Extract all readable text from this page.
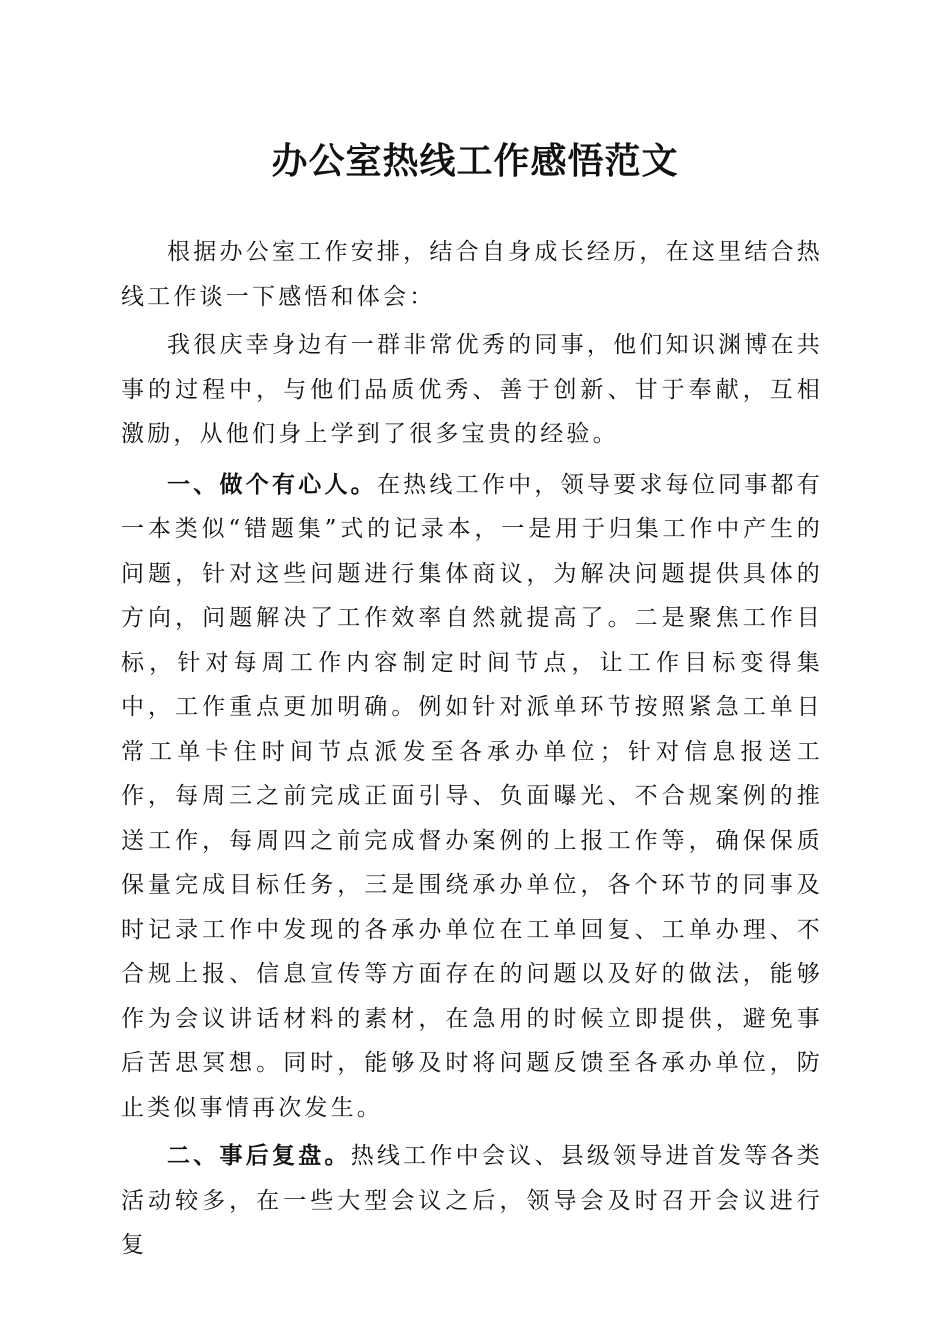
办公室热线工作感悟范文

根据办公室工作安排，结合自身成长经历，在这里结合热线工作谈一下感悟和体会：

我很庆幸身边有一群非常优秀的同事，他们知识渊博在共事的过程中，与他们品质优秀、善于创新、甘于奉献，互相激励，从他们身上学到了很多宝贵的经验。

一、做个有心人。在热线工作中，领导要求每位同事都有一本类似“错题集”式的记录本，一是用于归集工作中产生的问题，针对这些问题进行集体商议，为解决问题提供具体的方向，问题解决了工作效率自然就提高了。二是聚焦工作目标，针对每周工作内容制定时间节点，让工作目标变得集中，工作重点更加明确。例如针对派单环节按照紧急工单日常工单卡住时间节点派发至各承办单位；针对信息报送工作，每周三之前完成正面引导、负面曝光、不合规案例的推送工作，每周四之前完成督办案例的上报工作等，确保保质保量完成目标任务，三是围绕承办单位，各个环节的同事及时记录工作中发现的各承办单位在工单回复、工单办理、不合规上报、信息宣传等方面存在的问题以及好的做法，能够作为会议讲话材料的素材，在急用的时候立即提供，避免事后苦思冥想。同时，能够及时将问题反馈至各承办单位，防止类似事情再次发生。

二、事后复盘。热线工作中会议、县级领导进首发等各类活动较多，在一些大型会议之后，领导会及时召开会议进行复
